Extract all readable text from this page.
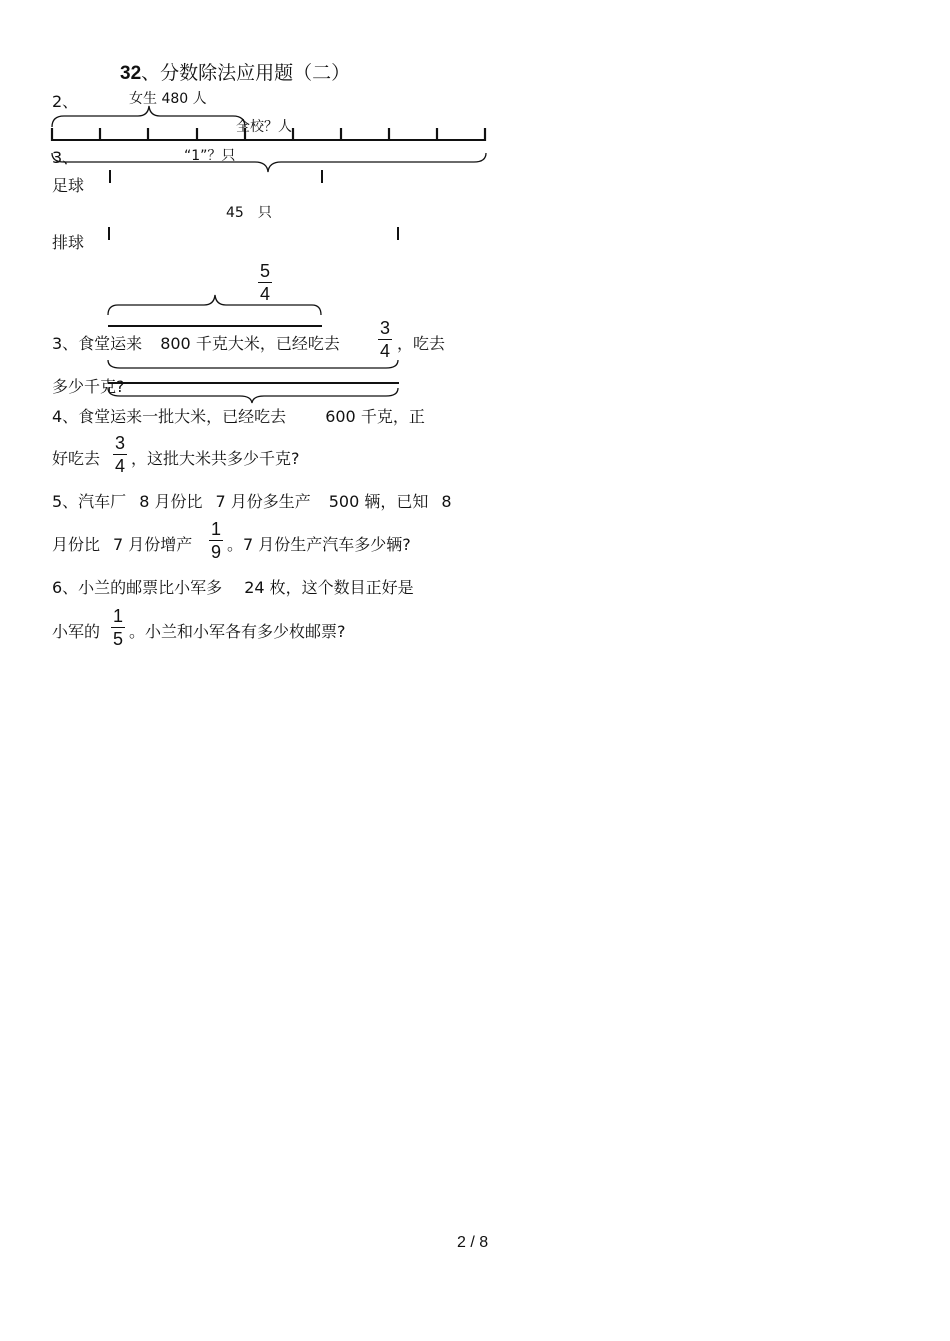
32、分数除法应用题（二）
2、	女生 480 人
全校？人
3、	“1”？只
足球
45　只
排球
5
4
3、食堂运来 800 千克大米，已经吃去
3
4 ，吃去
多少千克?
4、食堂运来一批大米，已经吃去 600 千克，正
好吃去
3
4 ，这批大米共多少千克?
5、汽车厂 8 月份比 7 月份多生产 500 辆，已知 8
月份比 7 月份增产
1
9 。7 月份生产汽车多少辆?
6、小兰的邮票比小军多 24 枚，这个数目正好是
小军的
1
5 。小兰和小军各有多少枚邮票?
2 / 8
